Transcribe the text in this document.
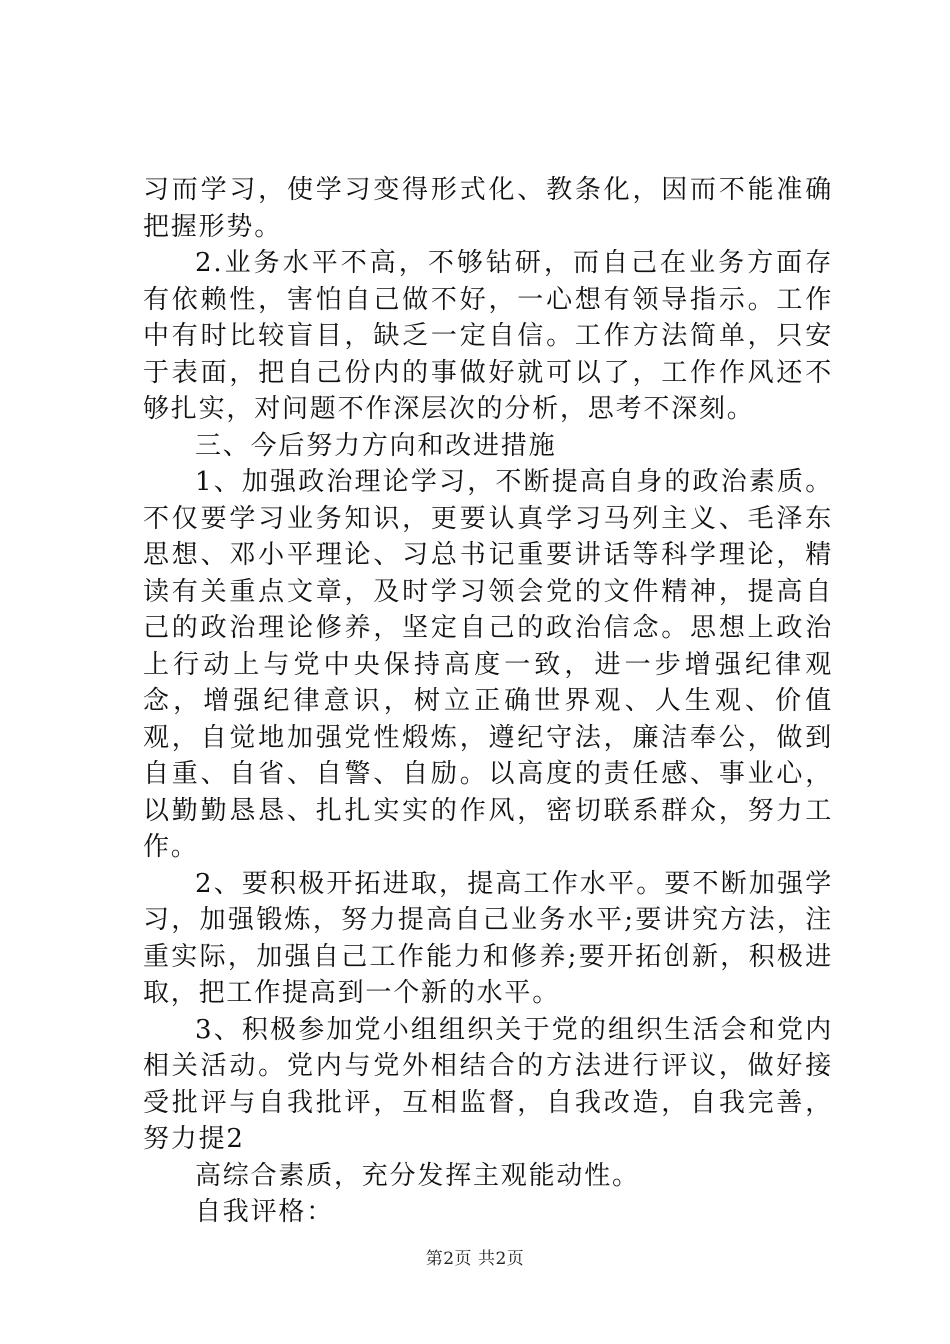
习而学习，使学习变得形式化、教条化，因而不能准确把握形势。

2.业务水平不高，不够钻研，而自己在业务方面存有依赖性，害怕自己做不好，一心想有领导指示。工作中有时比较盲目，缺乏一定自信。工作方法简单，只安于表面，把自己份内的事做好就可以了，工作作风还不够扎实，对问题不作深层次的分析，思考不深刻。

三、今后努力方向和改进措施

1、加强政治理论学习，不断提高自身的政治素质。不仅要学习业务知识，更要认真学习马列主义、毛泽东思想、邓小平理论、习总书记重要讲话等科学理论，精读有关重点文章，及时学习领会党的文件精神，提高自己的政治理论修养，坚定自己的政治信念。思想上政治上行动上与党中央保持高度一致，进一步增强纪律观念，增强纪律意识，树立正确世界观、人生观、价值观，自觉地加强党性煅炼，遵纪守法，廉洁奉公，做到自重、自省、自警、自励。以高度的责任感、事业心，以勤勤恳恳、扎扎实实的作风，密切联系群众，努力工作。

2、要积极开拓进取，提高工作水平。要不断加强学习，加强锻炼，努力提高自己业务水平;要讲究方法，注重实际，加强自己工作能力和修养;要开拓创新，积极进取，把工作提高到一个新的水平。

3、积极参加党小组组织关于党的组织生活会和党内相关活动。党内与党外相结合的方法进行评议，做好接受批评与自我批评，互相监督，自我改造，自我完善，努力提2

高综合素质，充分发挥主观能动性。

自我评格：

第2页 共2页
